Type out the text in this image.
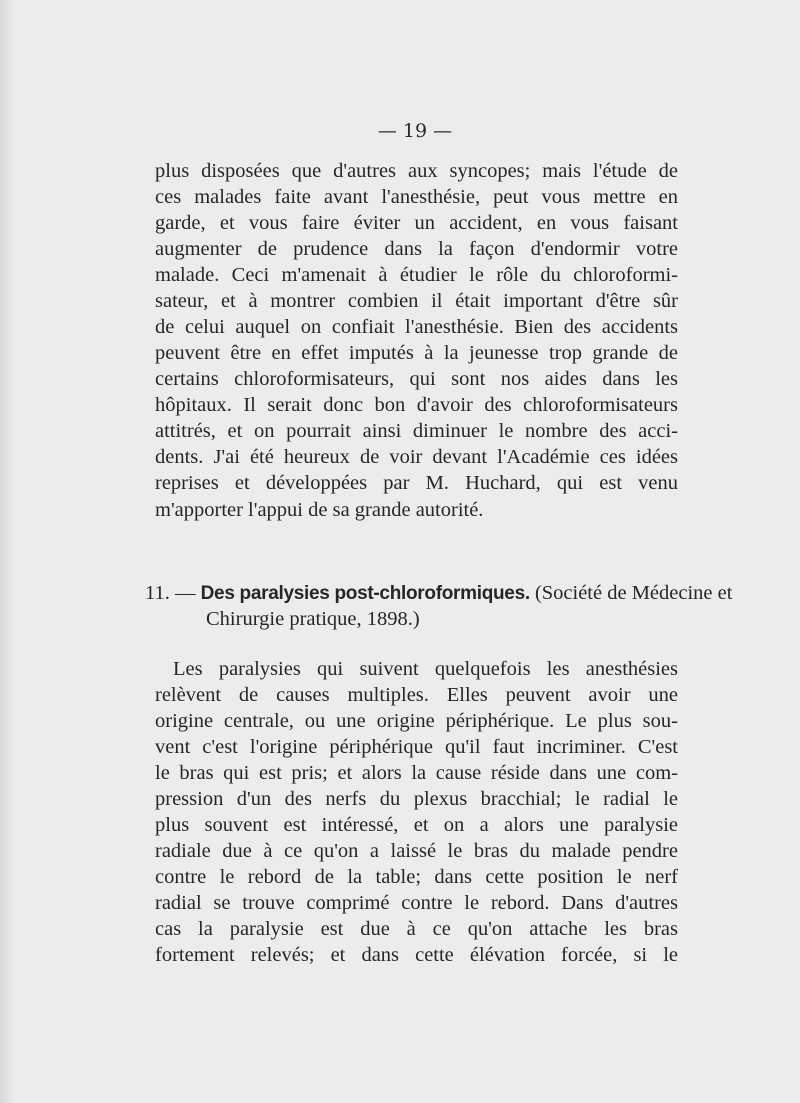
— 19 —
plus disposées que d'autres aux syncopes; mais l'étude de
ces malades faite avant l'anesthésie, peut vous mettre en
garde, et vous faire éviter un accident, en vous faisant
augmenter de prudence dans la façon d'endormir votre
malade. Ceci m'amenait à étudier le rôle du chloroformi-
sateur, et à montrer combien il était important d'être sûr
de celui auquel on confiait l'anesthésie. Bien des accidents
peuvent être en effet imputés à la jeunesse trop grande de
certains chloroformisateurs, qui sont nos aides dans les
hôpitaux. Il serait donc bon d'avoir des chloroformisateurs
attitrés, et on pourrait ainsi diminuer le nombre des acci-
dents. J'ai été heureux de voir devant l'Académie ces idées
reprises et développées par M. Huchard, qui est venu
m'apporter l'appui de sa grande autorité.
11. — Des paralysies post-chloroformiques. (Société de Médecine et
Chirurgie pratique, 1898.)
Les paralysies qui suivent quelquefois les anesthésies
relèvent de causes multiples. Elles peuvent avoir une
origine centrale, ou une origine périphérique. Le plus sou-
vent c'est l'origine périphérique qu'il faut incriminer. C'est
le bras qui est pris; et alors la cause réside dans une com-
pression d'un des nerfs du plexus bracchial; le radial le
plus souvent est intéressé, et on a alors une paralysie
radiale due à ce qu'on a laissé le bras du malade pendre
contre le rebord de la table; dans cette position le nerf
radial se trouve comprimé contre le rebord. Dans d'autres
cas la paralysie est due à ce qu'on attache les bras
fortement relevés; et dans cette élévation forcée, si le
